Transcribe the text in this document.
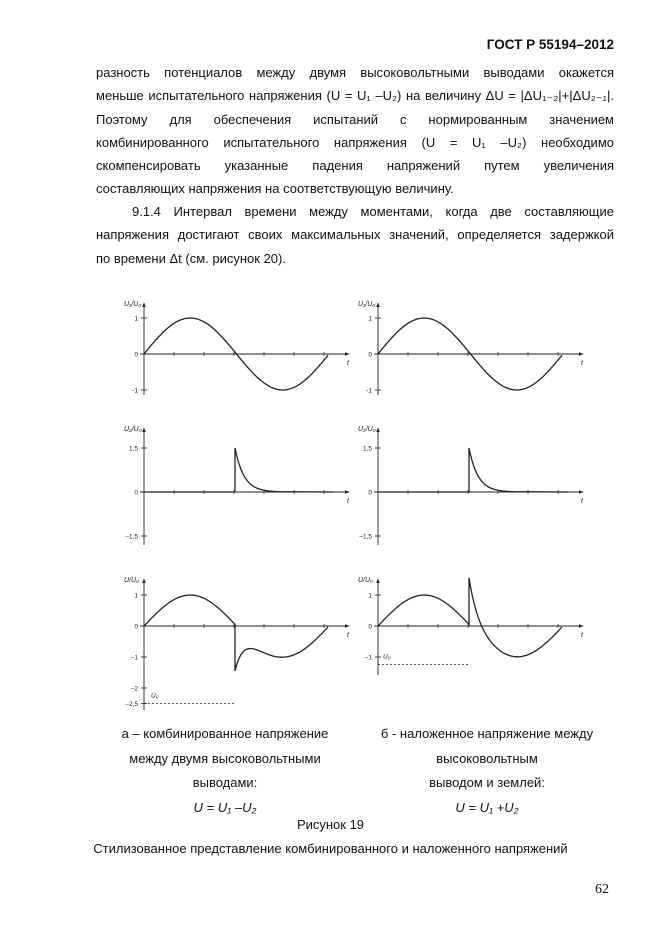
ГОСТ Р 55194–2012
разность потенциалов между двумя высоковольтными выводами окажется
меньше испытательного напряжения (U = U₁ –U₂) на величину ΔU = |ΔU₁₋₂|+|ΔU₂₋₁|.
Поэтому для обеспечения испытаний с нормированным значением
комбинированного испытательного напряжения (U = U₁ –U₂) необходимо
скомпенсировать указанные падения напряжений путем увеличения
составляющих напряжения на соответствующую величину.
9.1.4 Интервал времени между моментами, когда две составляющие
напряжения достигают своих максимальных значений, определяется задержкой
по времени Δt (см. рисунок 20).
U₁/U₀
t
1
-1
0
U₁/U₀
t
1
-1
0
U₂/U₀
t
1,5
–1,5
0
U₂/U₀
t
1,5
–1,5
0
U/U₀
t
1
–1
–2
–2,5
0
U₀
U/U₀
t
1
–1
0
U₀
а – комбинированное напряжение
между двумя высоковольтными
выводами:
U = U₁ –U₂
б - наложенное напряжение между
высоковольтным
выводом и землей:
U = U₁ +U₂
Рисунок 19
Стилизованное представление комбинированного и наложенного напряжений
62
